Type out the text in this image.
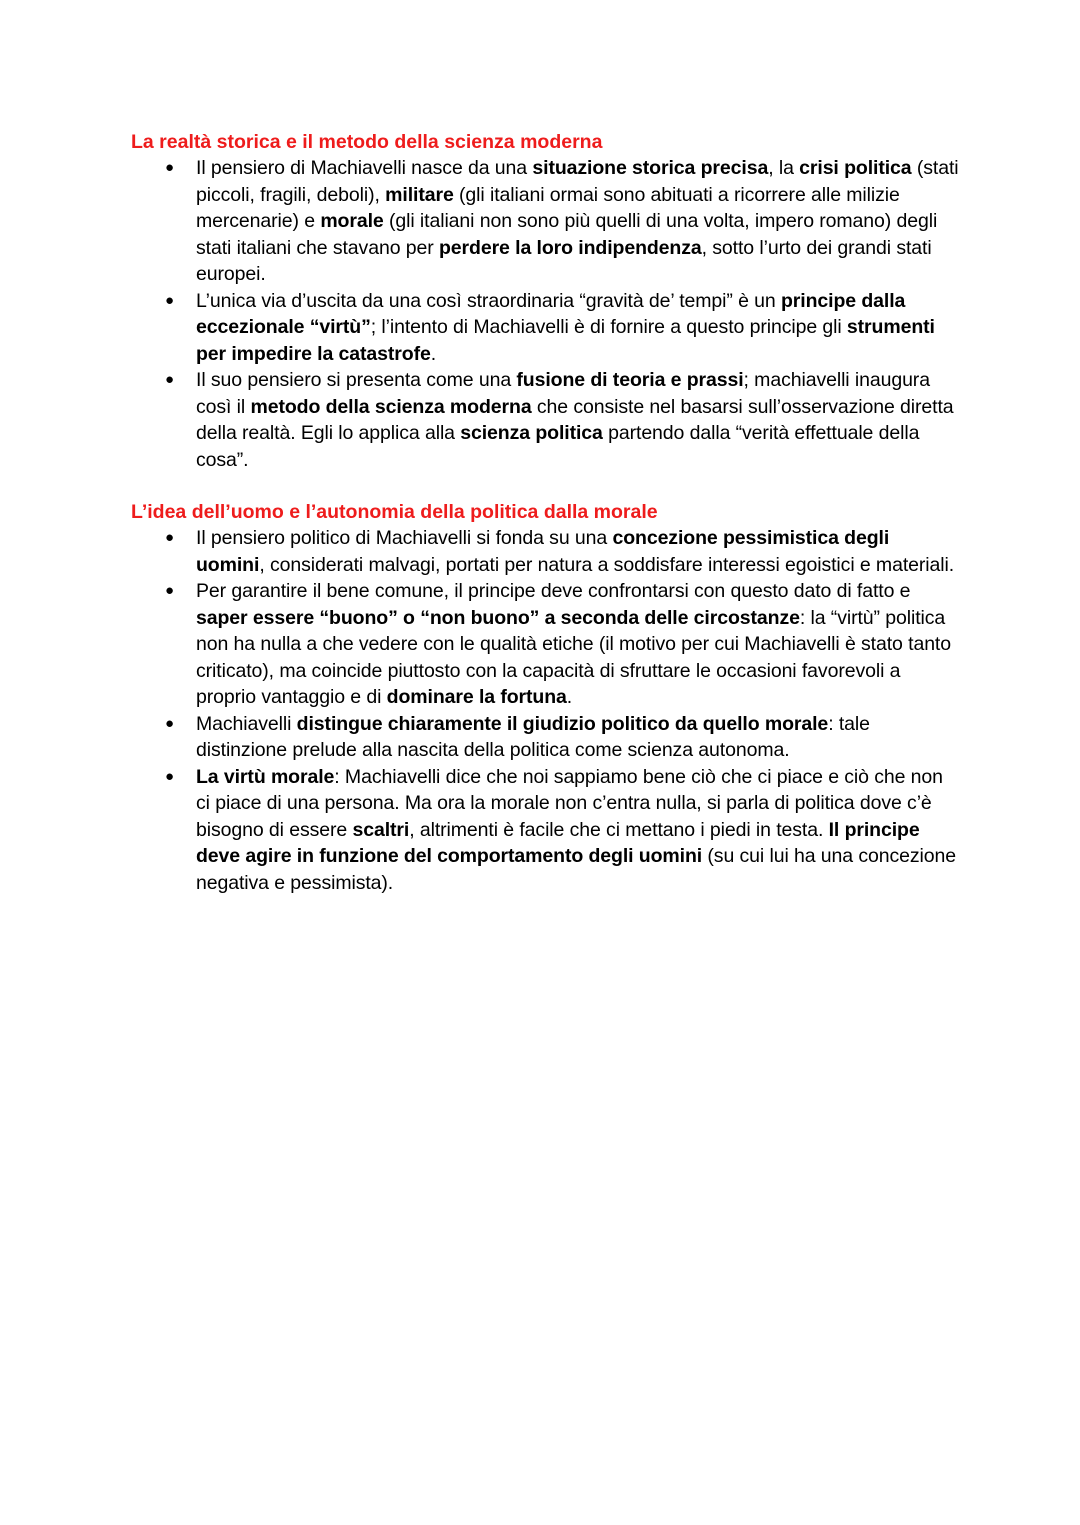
La realtà storica e il metodo della scienza moderna
● Il pensiero di Machiavelli nasce da una situazione storica precisa, la crisi politica (stati piccoli, fragili, deboli), militare (gli italiani ormai sono abituati a ricorrere alle milizie mercenarie) e morale (gli italiani non sono più quelli di una volta, impero romano) degli stati italiani che stavano per perdere la loro indipendenza, sotto l’urto dei grandi stati europei.
● L’unica via d’uscita da una così straordinaria “gravità de’ tempi” è un principe dalla eccezionale “virtù”; l’intento di Machiavelli è di fornire a questo principe gli strumenti per impedire la catastrofe.
● Il suo pensiero si presenta come una fusione di teoria e prassi; machiavelli inaugura così il metodo della scienza moderna che consiste nel basarsi sull’osservazione diretta della realtà. Egli lo applica alla scienza politica partendo dalla “verità effettuale della cosa”.
L’idea dell’uomo e l’autonomia della politica dalla morale
● Il pensiero politico di Machiavelli si fonda su una concezione pessimistica degli uomini, considerati malvagi, portati per natura a soddisfare interessi egoistici e materiali.
● Per garantire il bene comune, il principe deve confrontarsi con questo dato di fatto e saper essere “buono” o “non buono” a seconda delle circostanze: la “virtù” politica non ha nulla a che vedere con le qualità etiche (il motivo per cui Machiavelli è stato tanto criticato), ma coincide piuttosto con la capacità di sfruttare le occasioni favorevoli a proprio vantaggio e di dominare la fortuna.
● Machiavelli distingue chiaramente il giudizio politico da quello morale: tale distinzione prelude alla nascita della politica come scienza autonoma.
● La virtù morale: Machiavelli dice che noi sappiamo bene ciò che ci piace e ciò che non ci piace di una persona. Ma ora la morale non c’entra nulla, si parla di politica dove c’è bisogno di essere scaltri, altrimenti è facile che ci mettano i piedi in testa. Il principe deve agire in funzione del comportamento degli uomini (su cui lui ha una concezione negativa e pessimista).
